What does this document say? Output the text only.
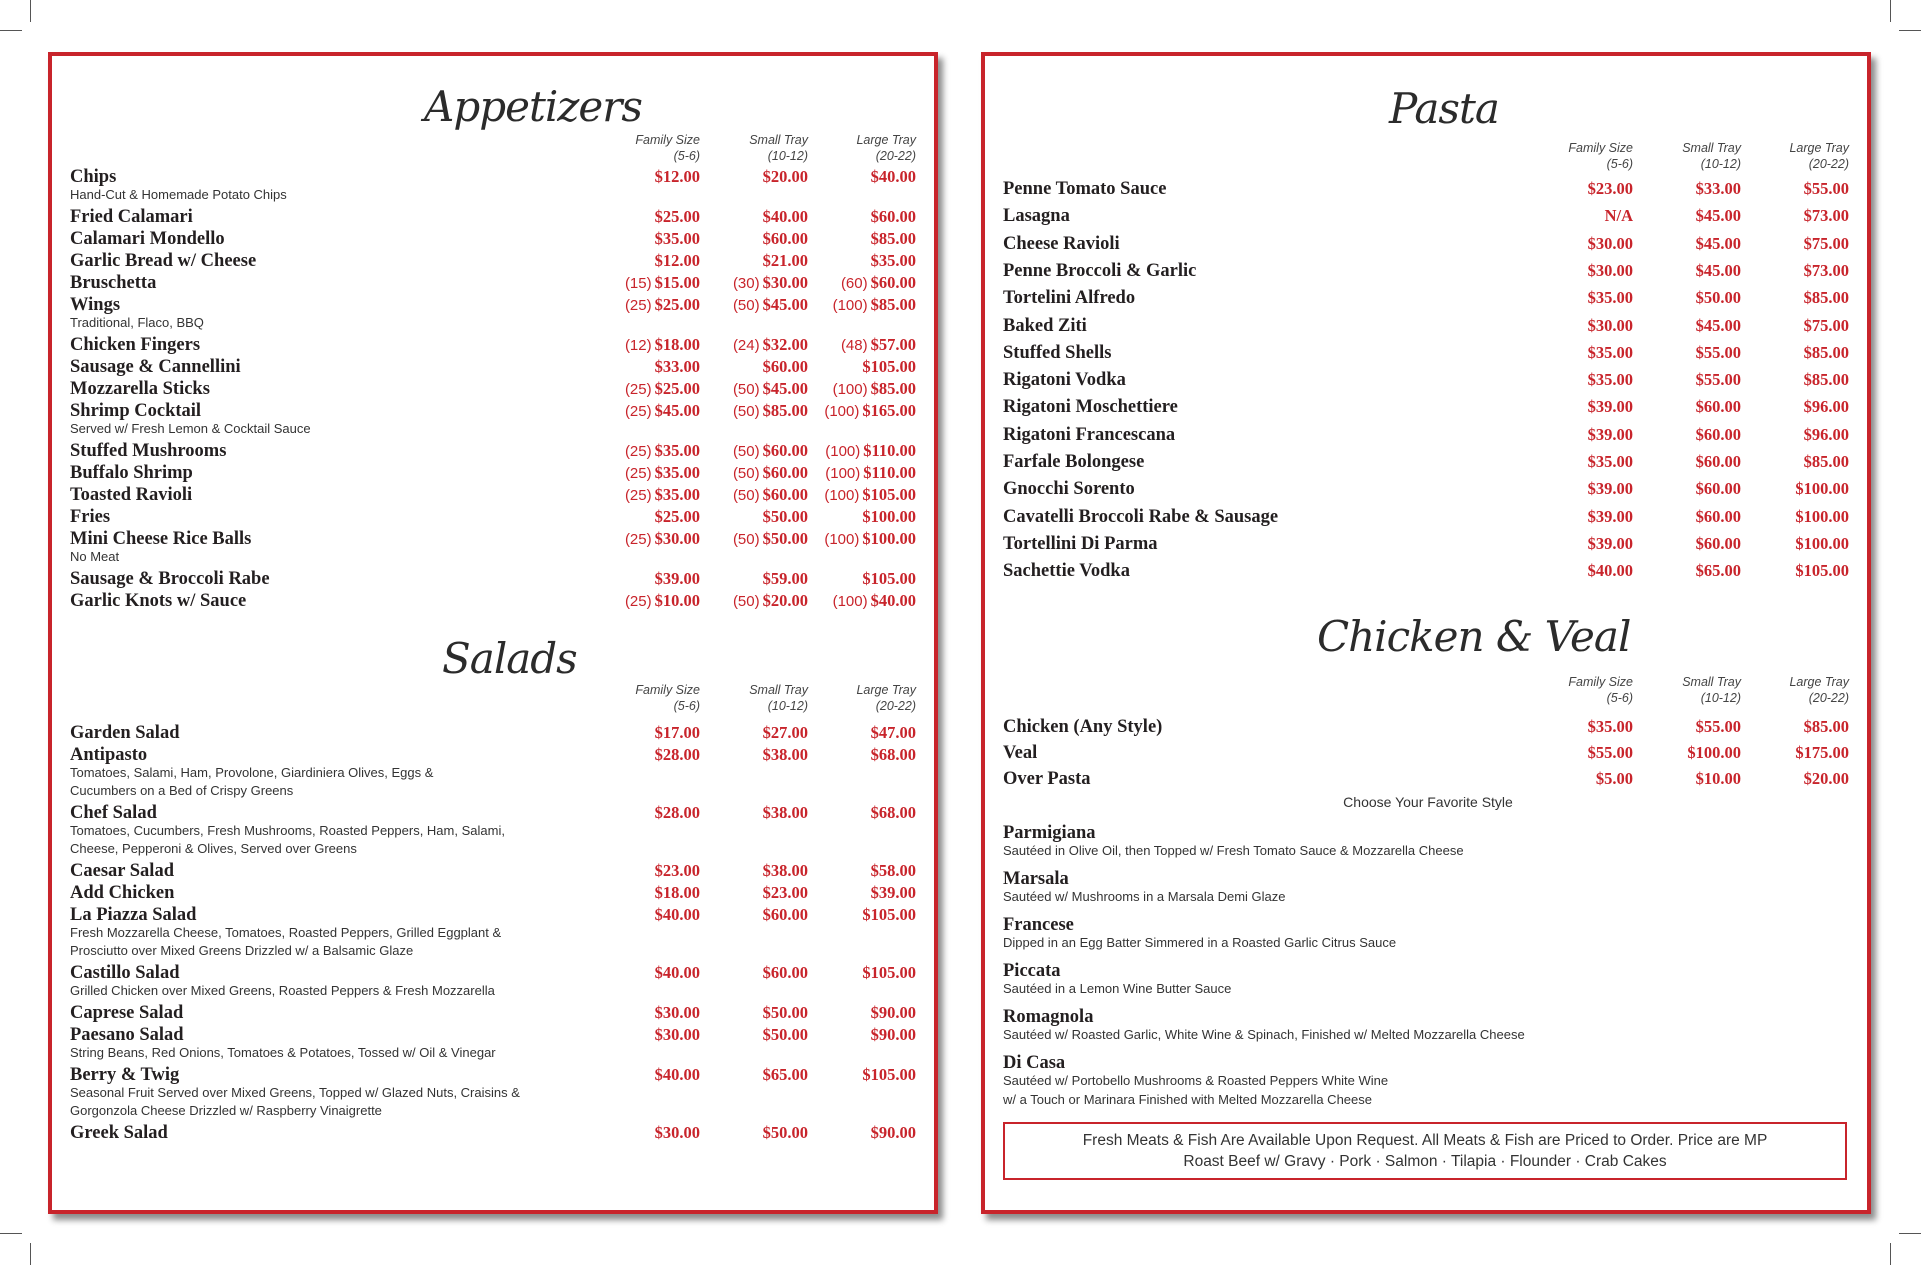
Appetizers
Family Size
(5-6)
Small Tray
(10-12)
Large Tray
(20-22)
Chips	$12.00	$20.00	$40.00
Hand-Cut & Homemade Potato Chips
Fried Calamari	$25.00	$40.00	$60.00
Calamari Mondello	$35.00	$60.00	$85.00
Garlic Bread w/ Cheese	$12.00	$21.00	$35.00
Bruschetta	(15) $15.00 (30) $30.00 (60) $60.00
Wings	(25) $25.00 (50) $45.00 (100) $85.00
Traditional, Flaco, BBQ
Chicken Fingers	(12) $18.00 (24) $32.00 (48) $57.00
Sausage & Cannellini	$33.00	$60.00	$105.00
Mozzarella Sticks	(25) $25.00 (50) $45.00 (100) $85.00
Shrimp Cocktail	(25) $45.00 (50) $85.00 (100) $165.00
Served w/ Fresh Lemon & Cocktail Sauce
Stuffed Mushrooms	(25) $35.00 (50) $60.00 (100) $110.00
Buffalo Shrimp	(25) $35.00 (50) $60.00 (100) $110.00
Toasted Ravioli	(25) $35.00 (50) $60.00 (100) $105.00
Fries	$25.00	$50.00	$100.00
Mini Cheese Rice Balls	(25) $30.00 (50) $50.00 (100) $100.00
No Meat
Sausage & Broccoli Rabe	$39.00	$59.00	$105.00
Garlic Knots w/ Sauce	(25) $10.00 (50) $20.00 (100) $40.00
Salads
Family Size
(5-6)
Small Tray
(10-12)
Large Tray
(20-22)
Garden Salad	$17.00	$27.00	$47.00
Antipasto	$28.00	$38.00	$68.00
Tomatoes, Salami, Ham, Provolone, Giardiniera Olives, Eggs &
Cucumbers on a Bed of Crispy Greens
Chef Salad	$28.00	$38.00	$68.00
Tomatoes, Cucumbers, Fresh Mushrooms, Roasted Peppers, Ham, Salami,
Cheese, Pepperoni & Olives, Served over Greens
Caesar Salad	$23.00	$38.00	$58.00
Add Chicken	$18.00	$23.00	$39.00
La Piazza Salad	$40.00	$60.00	$105.00
Fresh Mozzarella Cheese, Tomatoes, Roasted Peppers, Grilled Eggplant &
Prosciutto over Mixed Greens Drizzled w/ a Balsamic Glaze
Castillo Salad	$40.00	$60.00	$105.00
Grilled Chicken over Mixed Greens, Roasted Peppers & Fresh Mozzarella
Caprese Salad	$30.00	$50.00	$90.00
Paesano Salad	$30.00	$50.00	$90.00
String Beans, Red Onions, Tomatoes & Potatoes, Tossed w/ Oil & Vinegar
Berry & Twig	$40.00	$65.00	$105.00
Seasonal Fruit Served over Mixed Greens, Topped w/ Glazed Nuts, Craisins &
Gorgonzola Cheese Drizzled w/ Raspberry Vinaigrette
Greek Salad	$30.00	$50.00	$90.00
Pasta
Family Size
(5-6)
Small Tray
(10-12)
Large Tray
(20-22)
Penne Tomato Sauce	$23.00	$33.00	$55.00
Lasagna	N/A	$45.00	$73.00
Cheese Ravioli	$30.00	$45.00	$75.00
Penne Broccoli & Garlic	$30.00	$45.00	$73.00
Tortelini Alfredo	$35.00	$50.00	$85.00
Baked Ziti	$30.00	$45.00	$75.00
Stuffed Shells	$35.00	$55.00	$85.00
Rigatoni Vodka	$35.00	$55.00	$85.00
Rigatoni Moschettiere	$39.00	$60.00	$96.00
Rigatoni Francescana	$39.00	$60.00	$96.00
Farfale Bolongese	$35.00	$60.00	$85.00
Gnocchi Sorento	$39.00	$60.00	$100.00
Cavatelli Broccoli Rabe & Sausage	$39.00	$60.00	$100.00
Tortellini Di Parma	$39.00	$60.00	$100.00
Sachettie Vodka	$40.00	$65.00	$105.00
Chicken & Veal
Family Size
(5-6)
Small Tray
(10-12)
Large Tray
(20-22)
Chicken (Any Style)	$35.00	$55.00	$85.00
Veal	$55.00	$100.00	$175.00
Over Pasta	$5.00	$10.00	$20.00
Choose Your Favorite Style
Parmigiana
Sautéed in Olive Oil, then Topped w/ Fresh Tomato Sauce & Mozzarella Cheese
Marsala
Sautéed w/ Mushrooms in a Marsala Demi Glaze
Francese
Dipped in an Egg Batter Simmered in a Roasted Garlic Citrus Sauce
Piccata
Sautéed in a Lemon Wine Butter Sauce
Romagnola
Sautéed w/ Roasted Garlic, White Wine & Spinach, Finished w/ Melted Mozzarella Cheese
Di Casa
Sautéed w/ Portobello Mushrooms & Roasted Peppers White Wine
w/ a Touch or Marinara Finished with Melted Mozzarella Cheese
Fresh Meats & Fish Are Available Upon Request. All Meats & Fish are Priced to Order. Price are MP
Roast Beef w/ Gravy · Pork · Salmon · Tilapia · Flounder · Crab Cakes
